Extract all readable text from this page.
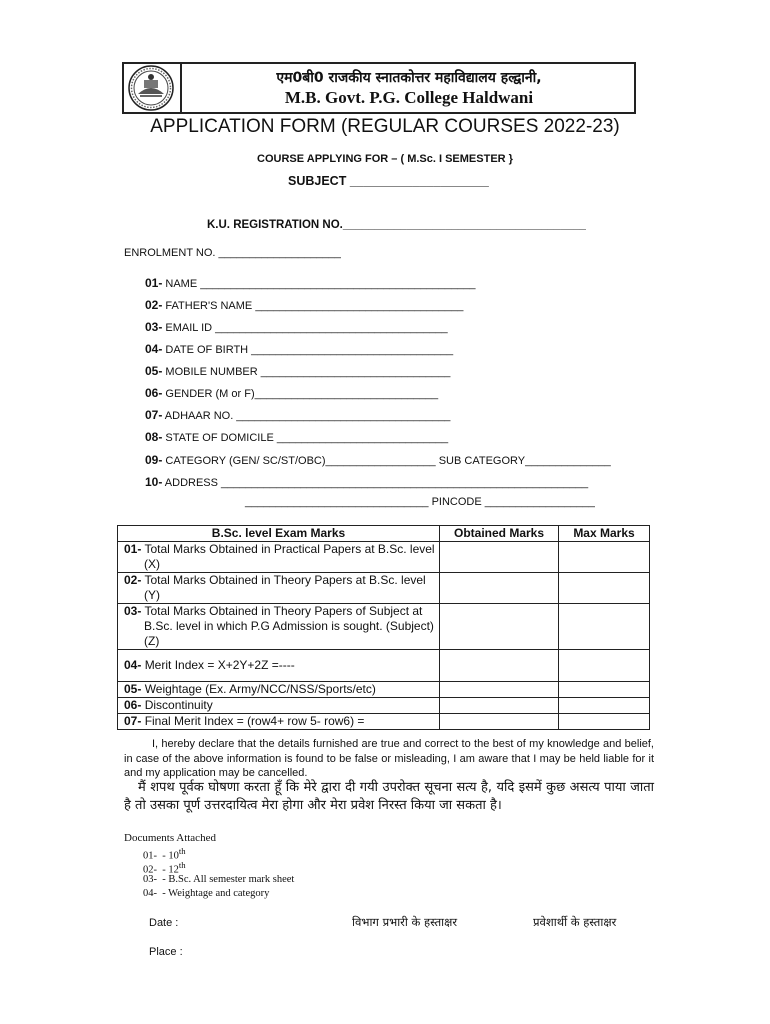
एम0बी0 राजकीय स्नातकोत्तर महाविद्यालय हल्द्वानी,
M.B. Govt. P.G. College Haldwani
APPLICATION FORM (REGULAR COURSES 2022-23)
COURSE APPLYING FOR – ( M.Sc. I SEMESTER }
SUBJECT ____________________
K.U. REGISTRATION NO.______________________________________
ENROLMENT NO. ____________________
01- NAME _____________________________________________
02- FATHER'S NAME __________________________________
03- EMAIL ID ______________________________________
04- DATE OF BIRTH _________________________________
05- MOBILE NUMBER _______________________________
06- GENDER (M or F)______________________________
07- ADHAAR NO. ___________________________________
08- STATE OF DOMICILE ____________________________
09- CATEGORY (GEN/ SC/ST/OBC)__________________ SUB CATEGORY______________
10- ADDRESS ____________________________________________________________
______________________________ PINCODE __________________
B.Sc. level Exam Marks	Obtained Marks	Max Marks
01- Total Marks Obtained in Practical Papers at B.Sc. level (X)		
02- Total Marks Obtained in Theory Papers at B.Sc. level (Y)		
03- Total Marks Obtained in Theory Papers of Subject at B.Sc. level in which P.G Admission is sought. (Subject) (Z)		
04- Merit Index = X+2Y+2Z =----		
05- Weightage (Ex. Army/NCC/NSS/Sports/etc)		
06- Discontinuity		
07- Final Merit Index = (row4+ row 5- row6) =		
I, hereby declare that the details furnished are true and correct to the best of my knowledge and belief, in case of the above information is found to be false or misleading, I am aware that I may be held liable for it and my application may be cancelled.
मैं शपथ पूर्वक घोषणा करता हूँ कि मेरे द्वारा दी गयी उपरोक्त सूचना सत्य है, यदि इसमें कुछ असत्य पाया जाता है तो उसका पूर्ण उत्तरदायित्व मेरा होगा और मेरा प्रवेश निरस्त किया जा सकता है।
Documents Attached
01- - 10th
02- - 12th
03- - B.Sc. All semester mark sheet
04- - Weightage and category
Date :	विभाग प्रभारी के हस्ताक्षर	प्रवेशार्थी के हस्ताक्षर
Place :
